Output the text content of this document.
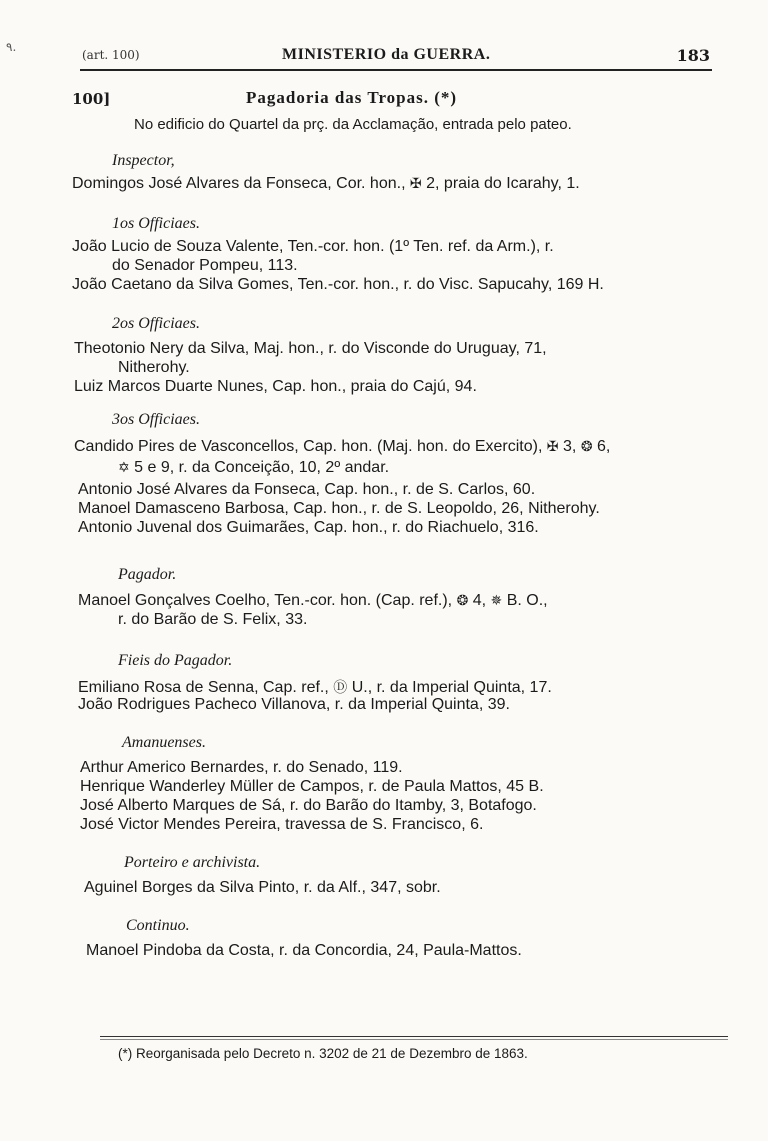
٩.
(art. 100)	MINISTERIO da GUERRA.	183
100]	Pagadoria das Tropas. (*)
No edificio do Quartel da prç. da Acclamação, entrada pelo pateo.
Inspector,
Domingos José Alvares da Fonseca, Cor. hon., ✠ 2, praia do Icarahy, 1.
1os Officiaes.
João Lucio de Souza Valente, Ten.-cor. hon. (1º Ten. ref. da Arm.), r.
do Senador Pompeu, 113.
João Caetano da Silva Gomes, Ten.-cor. hon., r. do Visc. Sapucahy, 169 H.
2os Officiaes.
Theotonio Nery da Silva, Maj. hon., r. do Visconde do Uruguay, 71,
Nitherohy.
Luiz Marcos Duarte Nunes, Cap. hon., praia do Cajú, 94.
3os Officiaes.
Candido Pires de Vasconcellos, Cap. hon. (Maj. hon. do Exercito), ✠ 3, ❂ 6,
✡ 5 e 9, r. da Conceição, 10, 2º andar.
Antonio José Alvares da Fonseca, Cap. hon., r. de S. Carlos, 60.
Manoel Damasceno Barbosa, Cap. hon., r. de S. Leopoldo, 26, Nitherohy.
Antonio Juvenal dos Guimarães, Cap. hon., r. do Riachuelo, 316.
Pagador.
Manoel Gonçalves Coelho, Ten.-cor. hon. (Cap. ref.), ❂ 4, ✵ B. O.,
r. do Barão de S. Felix, 33.
Fieis do Pagador.
Emiliano Rosa de Senna, Cap. ref., Ⓓ U., r. da Imperial Quinta, 17.
João Rodrigues Pacheco Villanova, r. da Imperial Quinta, 39.
Amanuenses.
Arthur Americo Bernardes, r. do Senado, 119.
Henrique Wanderley Müller de Campos, r. de Paula Mattos, 45 B.
José Alberto Marques de Sá, r. do Barão do Itamby, 3, Botafogo.
José Victor Mendes Pereira, travessa de S. Francisco, 6.
Porteiro e archivista.
Aguinel Borges da Silva Pinto, r. da Alf., 347, sobr.
Continuo.
Manoel Pindoba da Costa, r. da Concordia, 24, Paula-Mattos.
(*) Reorganisada pelo Decreto n. 3202 de 21 de Dezembro de 1863.
